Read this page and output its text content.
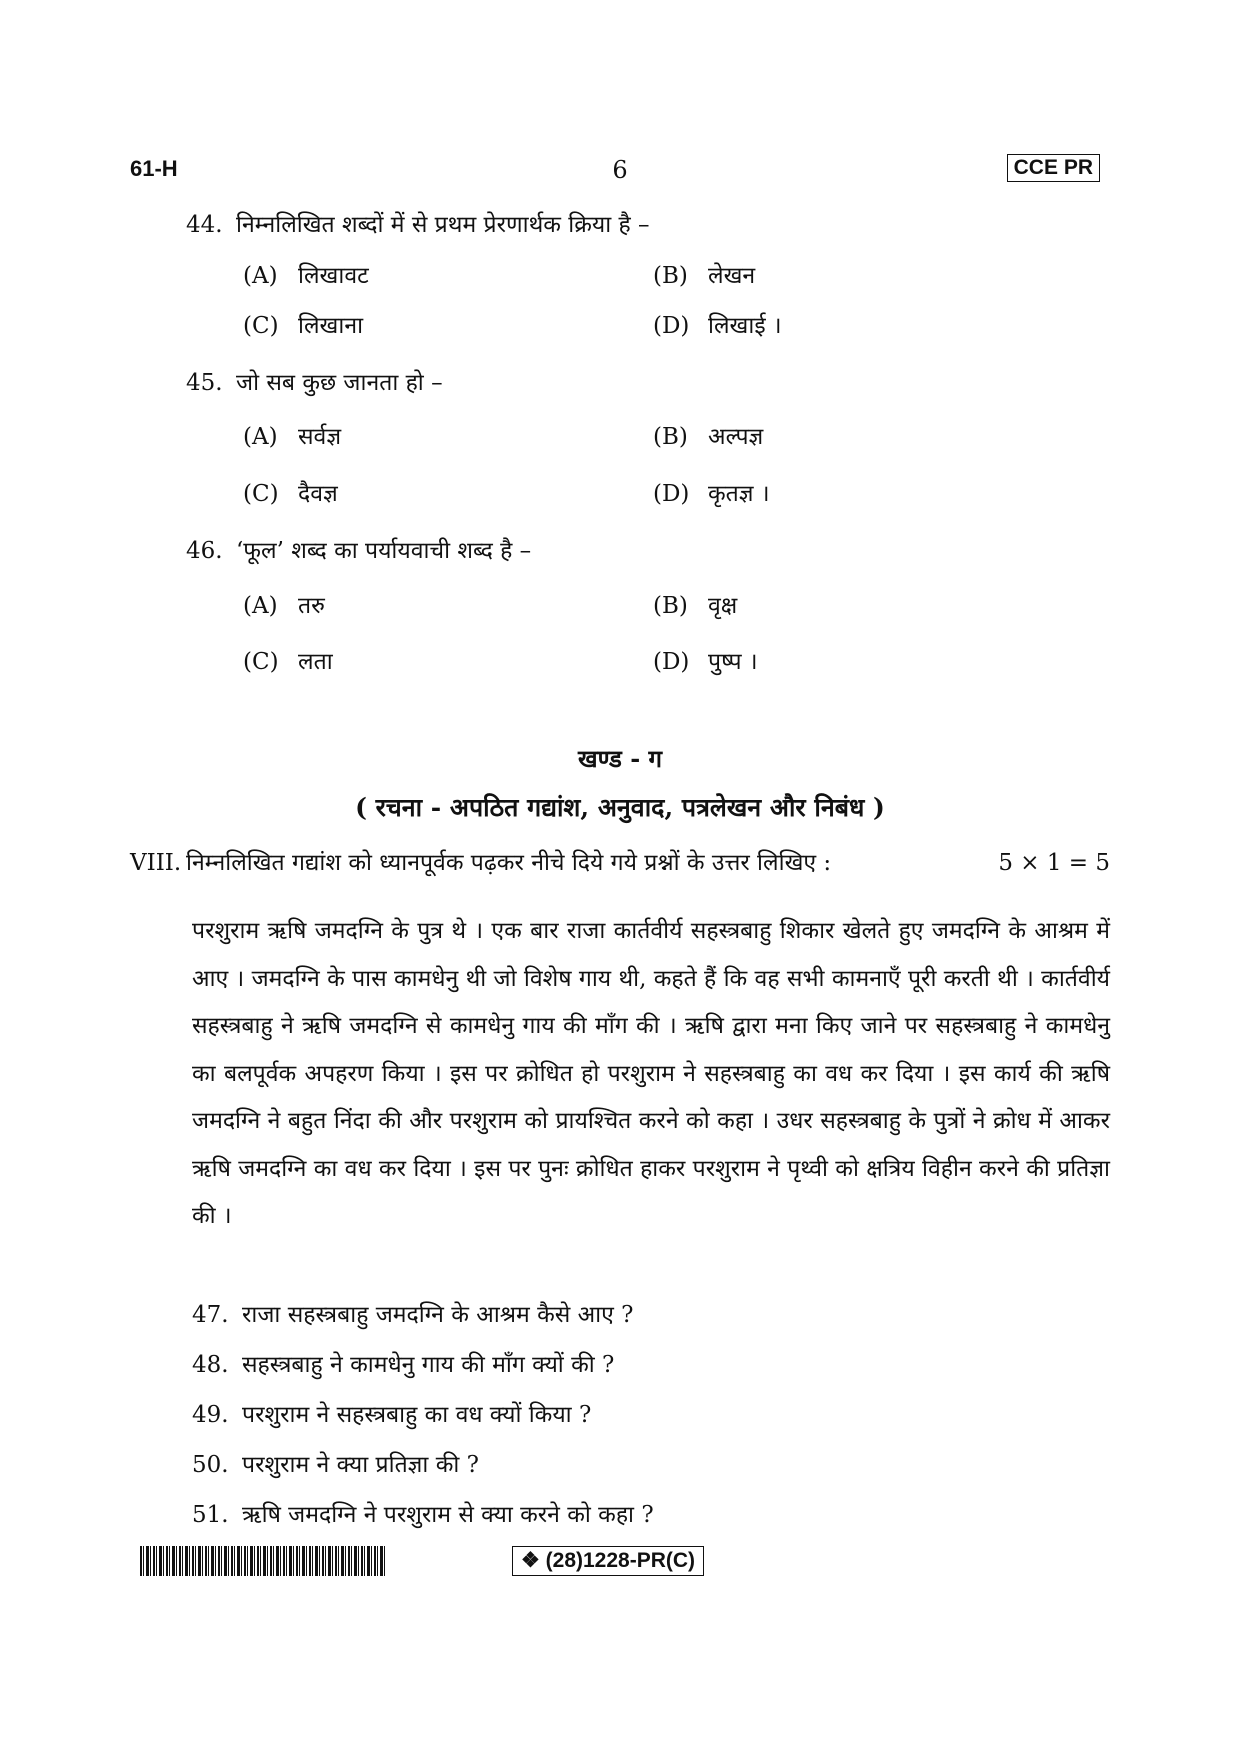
61-H	6	CCE PR
44. निम्नलिखित शब्दों में से प्रथम प्रेरणार्थक क्रिया है –
(A) लिखावट	(B) लेखन
(C) लिखाना	(D) लिखाई ।
45. जो सब कुछ जानता हो –
(A) सर्वज्ञ	(B) अल्पज्ञ
(C) दैवज्ञ	(D) कृतज्ञ ।
46. ‘फूल’ शब्द का पर्यायवाची शब्द है –
(A) तरु	(B) वृक्ष
(C) लता	(D) पुष्प ।
खण्ड - ग
( रचना - अपठित गद्यांश, अनुवाद, पत्रलेखन और निबंध )
VIII. निम्नलिखित गद्यांश को ध्यानपूर्वक पढ़कर नीचे दिये गये प्रश्नों के उत्तर लिखिए :	5 × 1 = 5

परशुराम ऋषि जमदग्नि के पुत्र थे । एक बार राजा कार्तवीर्य सहस्त्रबाहु शिकार खेलते हुए जमदग्नि के आश्रम में आए । जमदग्नि के पास कामधेनु थी जो विशेष गाय थी, कहते हैं कि वह सभी कामनाएँ पूरी करती थी । कार्तवीर्य सहस्त्रबाहु ने ऋषि जमदग्नि से कामधेनु गाय की माँग की । ऋषि द्वारा मना किए जाने पर सहस्त्रबाहु ने कामधेनु का बलपूर्वक अपहरण किया । इस पर क्रोधित हो परशुराम ने सहस्त्रबाहु का वध कर दिया । इस कार्य की ऋषि जमदग्नि ने बहुत निंदा की और परशुराम को प्रायश्चित करने को कहा । उधर सहस्त्रबाहु के पुत्रों ने क्रोध में आकर ऋषि जमदग्नि का वध कर दिया । इस पर पुनः क्रोधित हाकर परशुराम ने पृथ्वी को क्षत्रिय विहीन करने की प्रतिज्ञा की ।

47. राजा सहस्त्रबाहु जमदग्नि के आश्रम कैसे आए ?
48. सहस्त्रबाहु ने कामधेनु गाय की माँग क्यों की ?
49. परशुराम ने सहस्त्रबाहु का वध क्यों किया ?
50. परशुराम ने क्या प्रतिज्ञा की ?
51. ऋषि जमदग्नि ने परशुराम से क्या करने को कहा ?
❖ (28)1228-PR(C)
